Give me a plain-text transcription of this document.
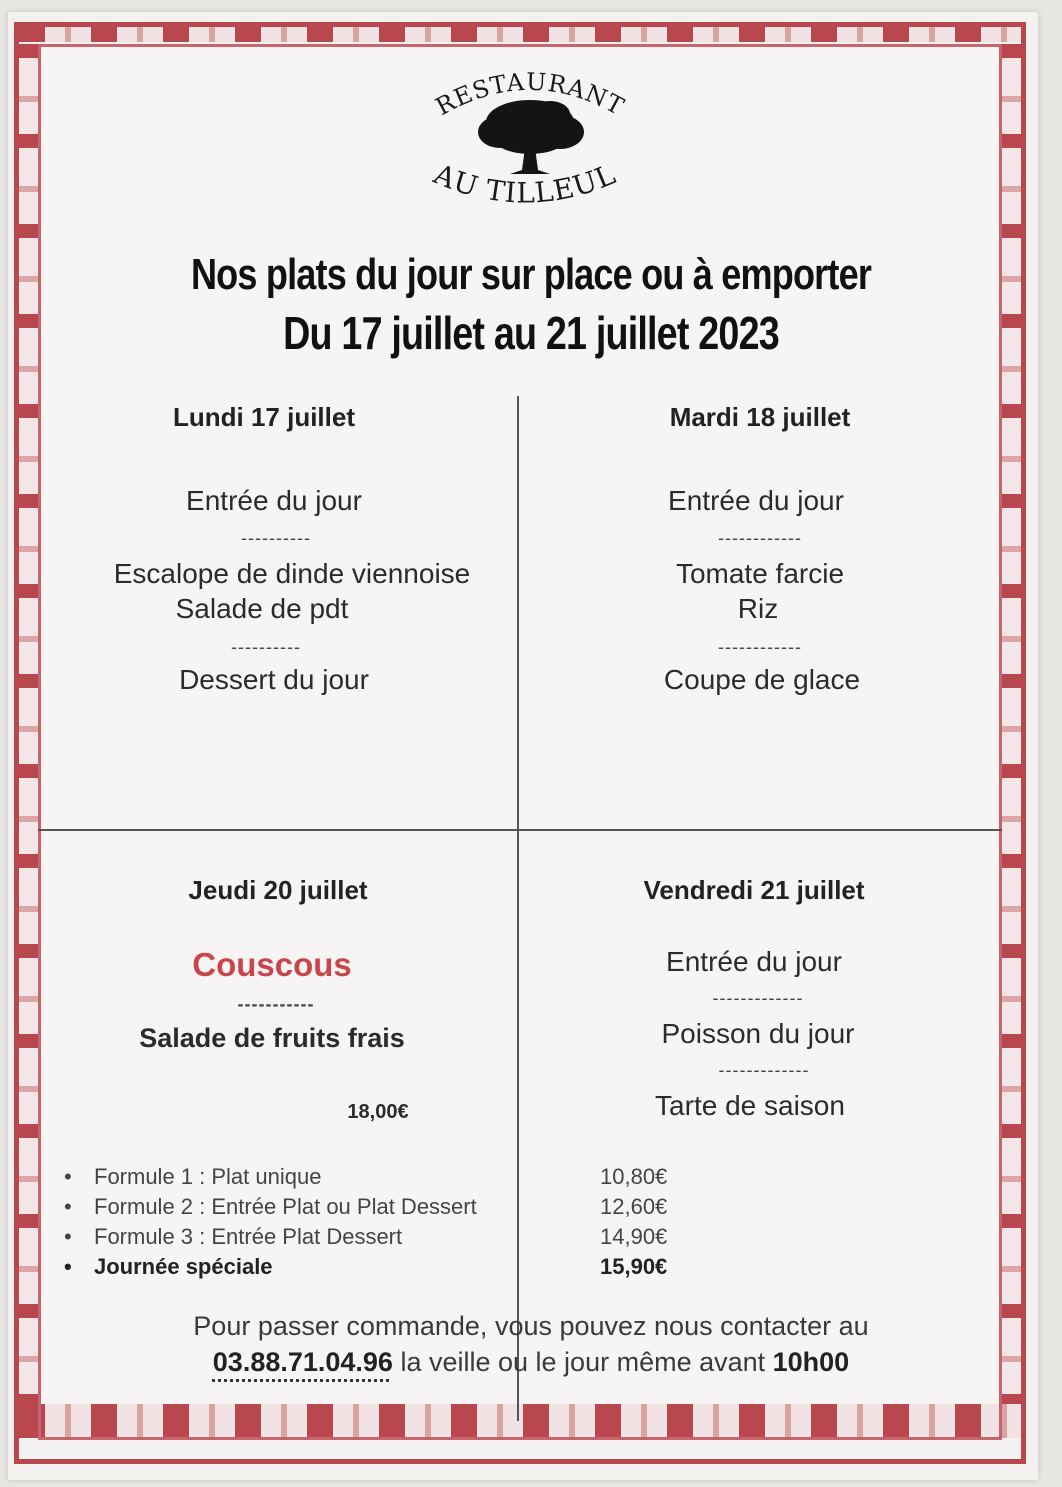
RESTAURANT
AU TILLEUL
Nos plats du jour sur place ou à emporter
Du 17 juillet au 21 juillet 2023
Lundi 17 juillet
Entrée du jour
----------
Escalope de dinde viennoise
Salade de pdt
----------
Dessert du jour
Mardi 18 juillet
Entrée du jour
------------
Tomate farcie
Riz
------------
Coupe de glace
Jeudi 20 juillet
Couscous
-----------
Salade de fruits frais
18,00€
Vendredi 21 juillet
Entrée du jour
-------------
Poisson du jour
-------------
Tarte de saison
• Formule 1 : Plat unique	10,80€
• Formule 2 : Entrée Plat ou Plat Dessert	12,60€
• Formule 3 : Entrée Plat Dessert	14,90€
• Journée spéciale	15,90€
Pour passer commande, vous pouvez nous contacter au
03.88.71.04.96 la veille ou le jour même avant 10h00
